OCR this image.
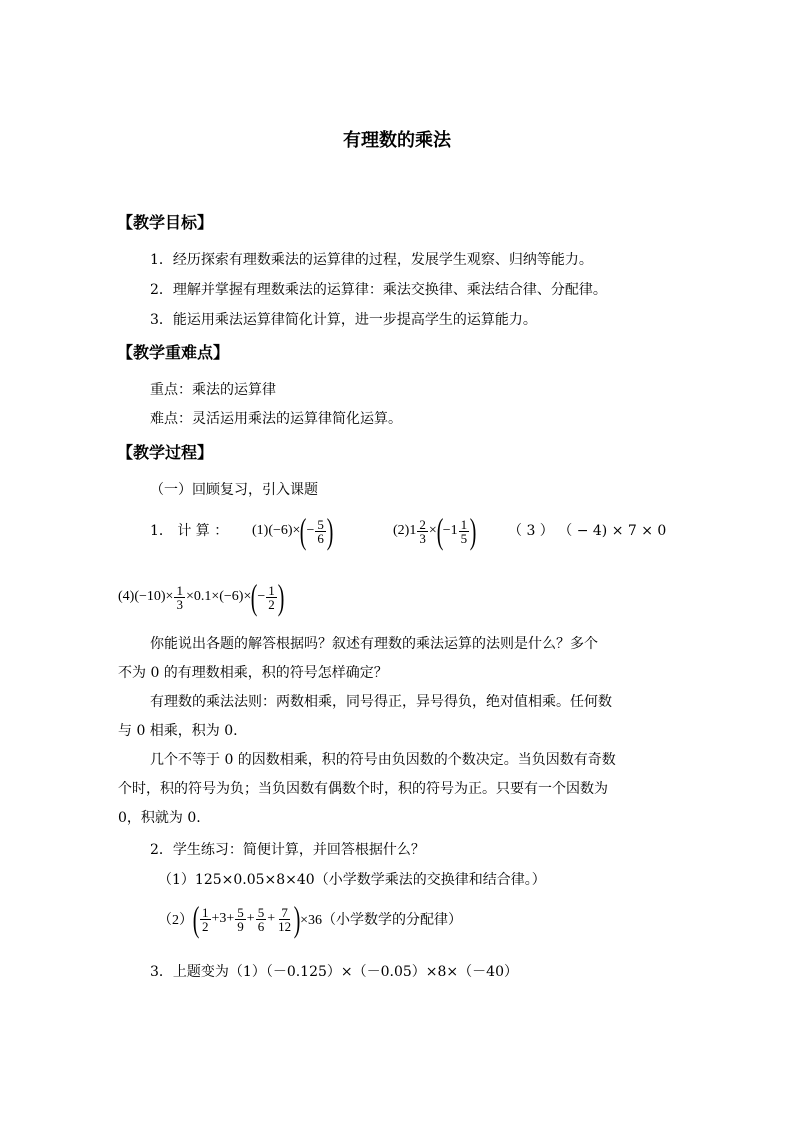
有理数的乘法
【教学目标】
1．经历探索有理数乘法的运算律的过程，发展学生观察、归纳等能力。
2．理解并掌握有理数乘法的运算律：乘法交换律、乘法结合律、分配律。
3．能运用乘法运算律简化计算，进一步提高学生的运算能力。
【教学重难点】
重点：乘法的运算律
难点：灵活运用乘法的运算律简化运算。
【教学过程】
（一）回顾复习，引入课题
1． 计 算 ： (1)(−6)× ( − $\frac{5}{6}$ )	(2) $1 \frac{2}{3}$ × ( $-1 \frac{1}{5}$ ) （ 3 ） （ − 4) × 7 × 0
$(4)(-10)\times \frac{1}{3} \times 0.1\times(-6)\times$ ( − $\frac{1}{2}$ )
你能说出各题的解答根据吗？叙述有理数的乘法运算的法则是什么？多个
不为 0 的有理数相乘，积的符号怎样确定？
有理数的乘法法则：两数相乘，同号得正，异号得负，绝对值相乘。任何数
与 0 相乘，积为 0.
几个不等于 0 的因数相乘，积的符号由负因数的个数决定。当负因数有奇数
个时，积的符号为负；当负因数有偶数个时，积的符号为正。只要有一个因数为
0，积就为 0.
2．学生练习：简便计算，并回答根据什么？
（1）125×0.05×8×40（小学数学乘法的交换律和结合律。）
（2） ( $\frac{1}{2} +3+ \frac{5}{9} + \frac{5}{6} + \frac{7}{12}$ ) ×36（小学数学的分配律）
3．上题变为（1）（－0.125）×（－0.05）×8×（－40）
